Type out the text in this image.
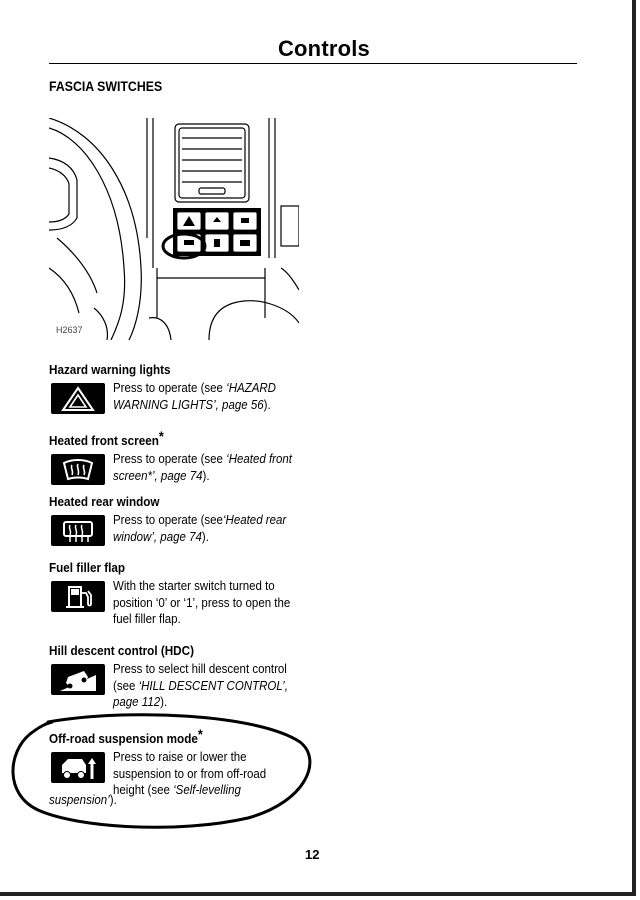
Controls
FASCIA SWITCHES
H2637
Hazard warning lights
Press to operate (see ‘HAZARD
WARNING LIGHTS’, page 56).
Heated front screen*
Press to operate (see ‘Heated front
screen*’, page 74).
Heated rear window
Press to operate (see‘Heated rear
window’, page 74).
Fuel filler flap
With the starter switch turned to
position ‘0’ or ‘1’, press to open the
fuel filler flap.
Hill descent control (HDC)
Press to select hill descent control
(see ‘HILL DESCENT CONTROL’,
page 112).
Off-road suspension mode*
Press to raise or lower the
suspension to or from off-road
height (see ‘Self-levelling
suspension’).
12
